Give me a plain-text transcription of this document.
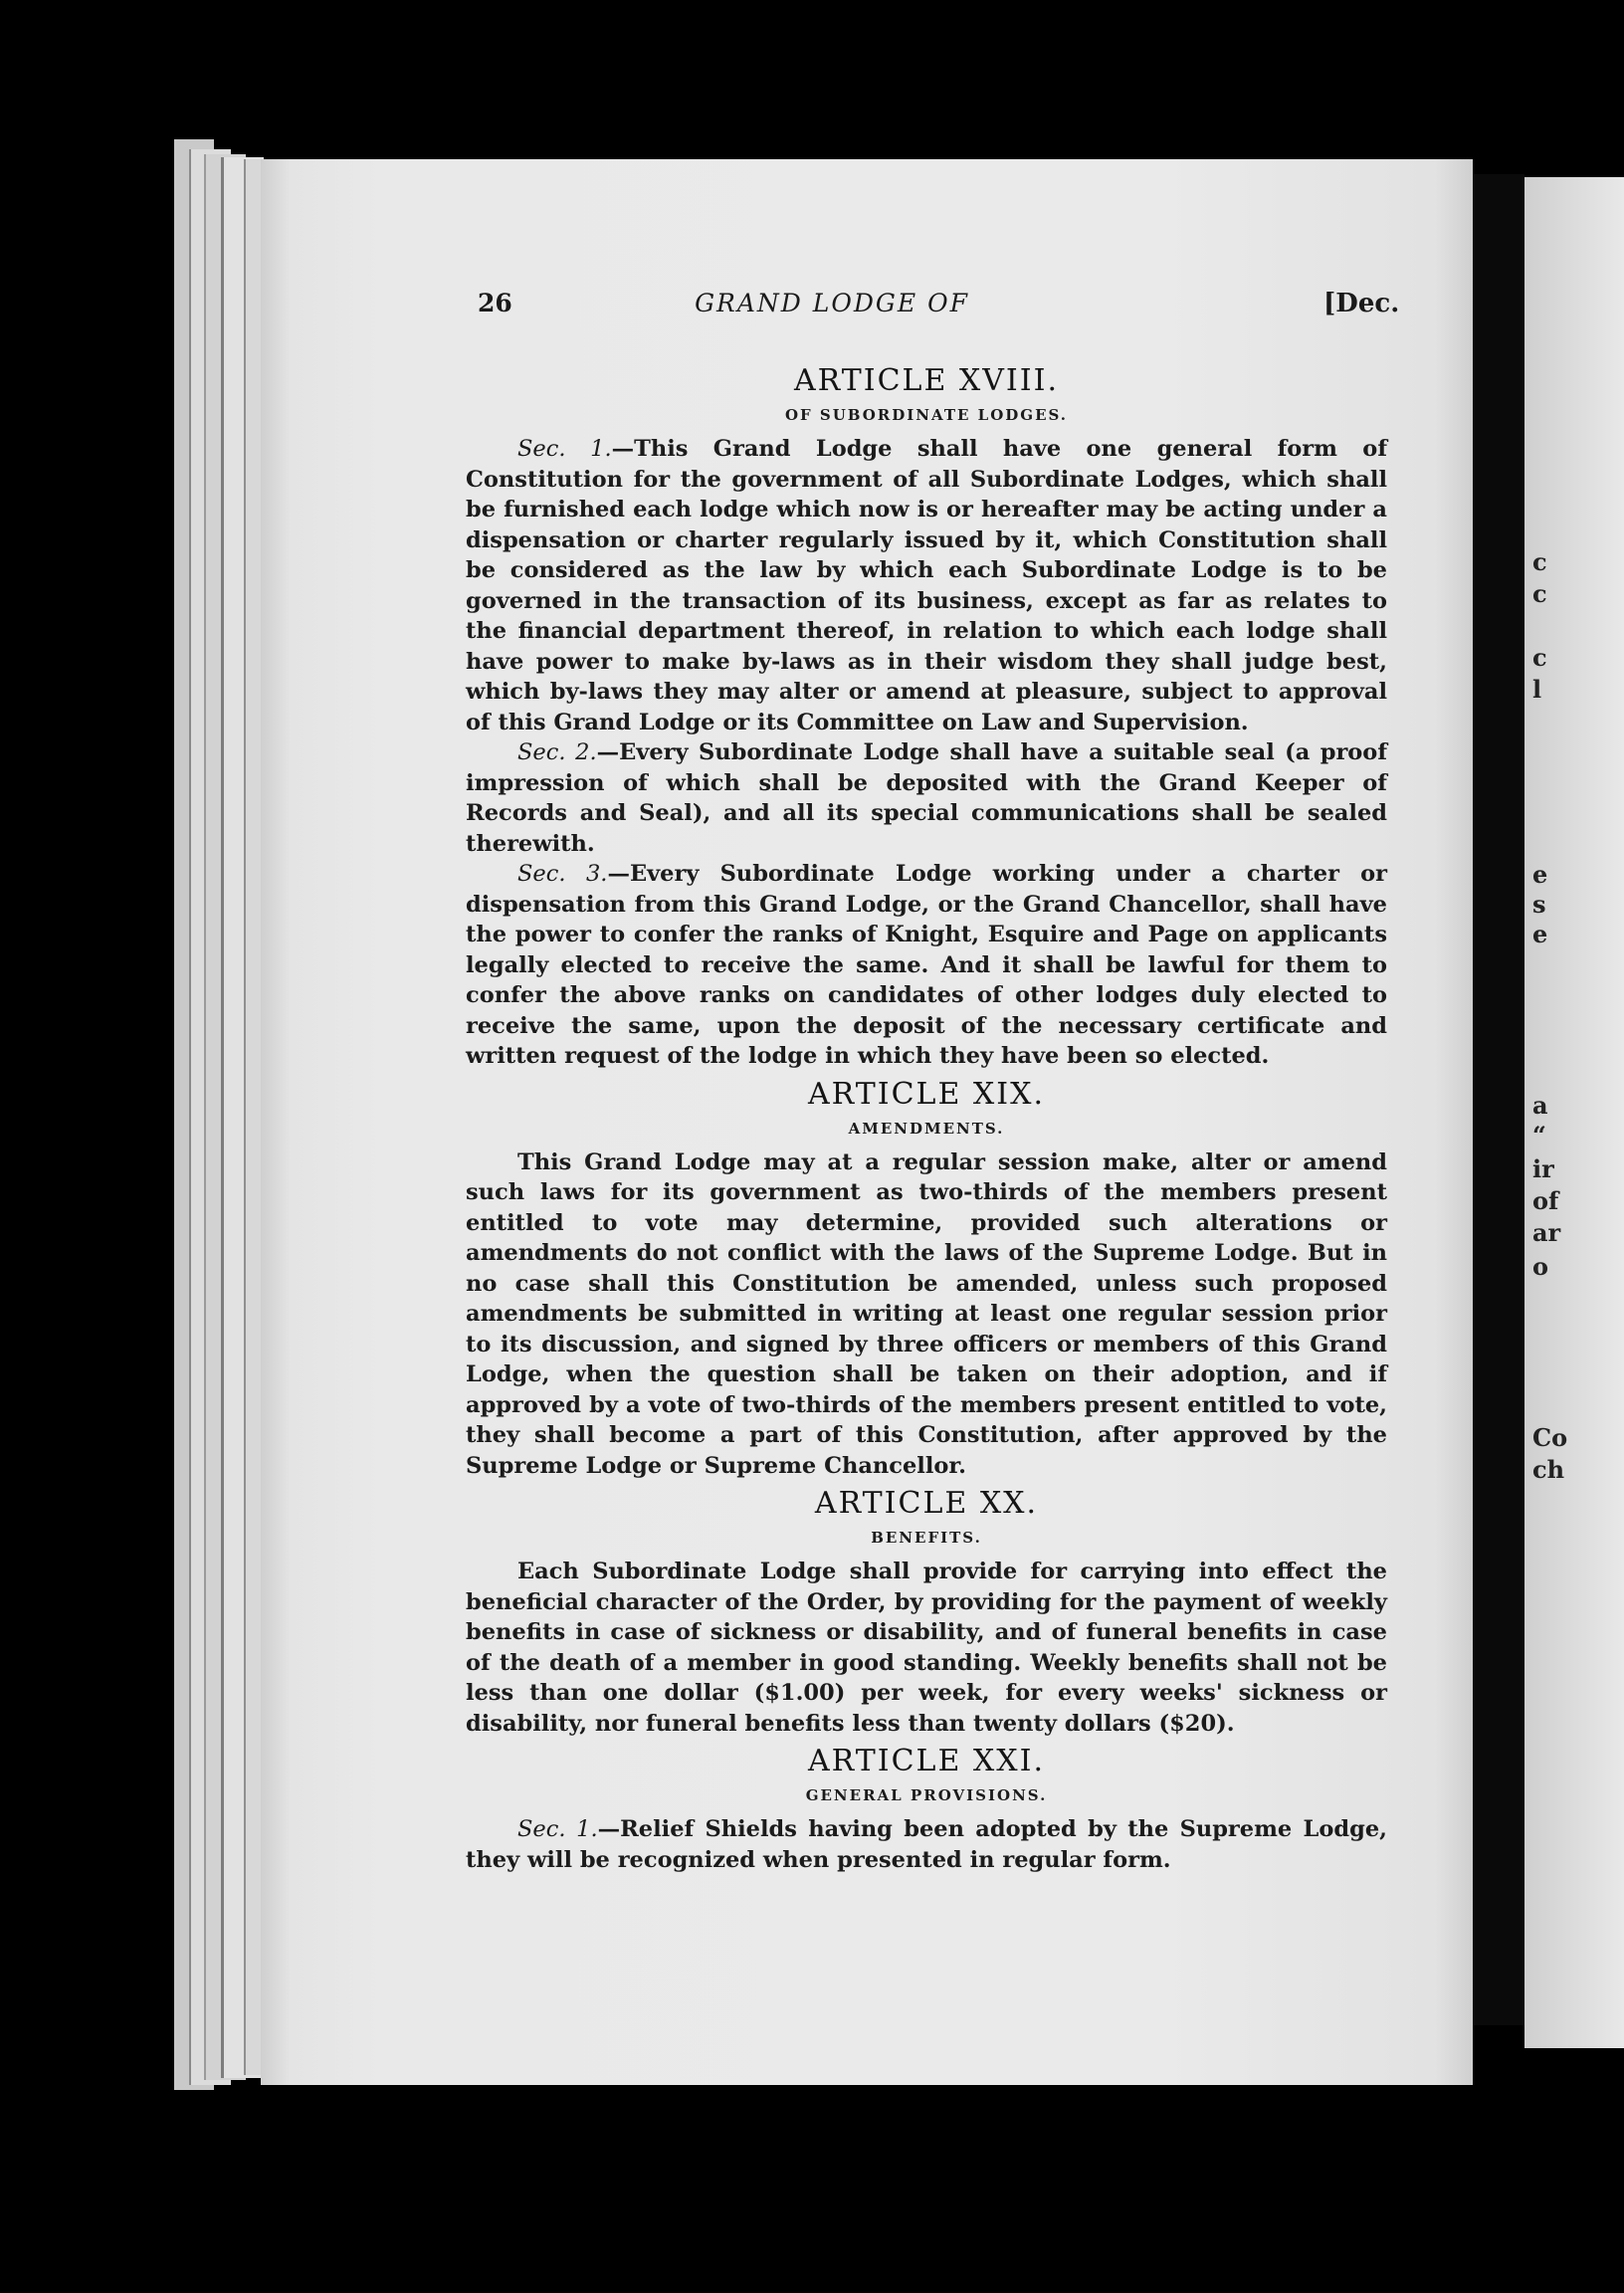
c
c
c
l
e
s
e
a
“
ir
of
ar
o
Co
ch
26	GRAND LODGE OF	[Dec.
ARTICLE XVIII.
OF SUBORDINATE LODGES.

Sec. 1.—This Grand Lodge shall have one general form of Constitution for the government of all Subordinate Lodges, which shall be furnished each lodge which now is or hereafter may be acting under a dispensation or charter regularly issued by it, which Constitution shall be considered as the law by which each Subordinate Lodge is to be governed in the transaction of its business, except as far as relates to the financial department thereof, in relation to which each lodge shall have power to make by-laws as in their wisdom they shall judge best, which by-laws they may alter or amend at pleasure, subject to approval of this Grand Lodge or its Committee on Law and Supervision.

Sec. 2.—Every Subordinate Lodge shall have a suitable seal (a proof impression of which shall be deposited with the Grand Keeper of Records and Seal), and all its special communications shall be sealed therewith.

Sec. 3.—Every Subordinate Lodge working under a charter or dispensation from this Grand Lodge, or the Grand Chancellor, shall have the power to confer the ranks of Knight, Esquire and Page on applicants legally elected to receive the same. And it shall be lawful for them to confer the above ranks on candidates of other lodges duly elected to receive the same, upon the deposit of the necessary certificate and written request of the lodge in which they have been so elected.

ARTICLE XIX.
AMENDMENTS.

This Grand Lodge may at a regular session make, alter or amend such laws for its government as two-thirds of the members present entitled to vote may determine, provided such alterations or amendments do not conflict with the laws of the Supreme Lodge. But in no case shall this Constitution be amended, unless such proposed amendments be submitted in writing at least one regular session prior to its discussion, and signed by three officers or members of this Grand Lodge, when the question shall be taken on their adoption, and if approved by a vote of two-thirds of the members present entitled to vote, they shall become a part of this Constitution, after approved by the Supreme Lodge or Supreme Chancellor.

ARTICLE XX.
BENEFITS.

Each Subordinate Lodge shall provide for carrying into effect the beneficial character of the Order, by providing for the payment of weekly benefits in case of sickness or disability, and of funeral benefits in case of the death of a member in good standing. Weekly benefits shall not be less than one dollar ($1.00) per week, for every weeks' sickness or disability, nor funeral benefits less than twenty dollars ($20).

ARTICLE XXI.
GENERAL PROVISIONS.

Sec. 1.—Relief Shields having been adopted by the Supreme Lodge, they will be recognized when presented in regular form.
